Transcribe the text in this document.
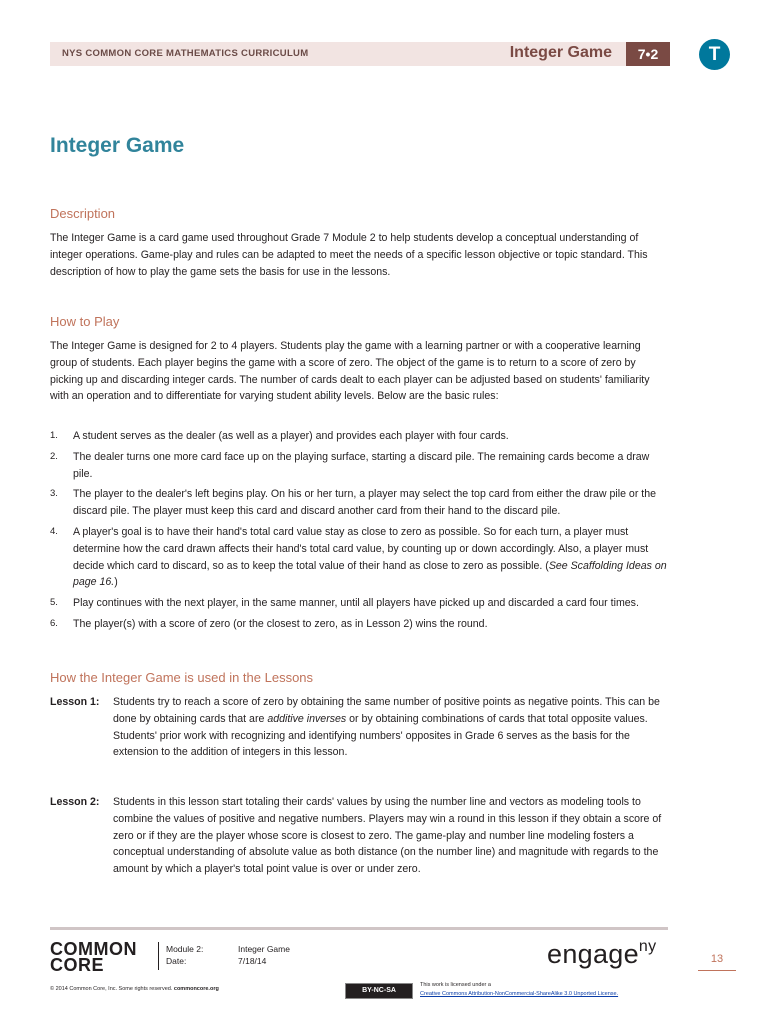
NYS COMMON CORE MATHEMATICS CURRICULUM	Integer Game	7•2	T
Integer Game
Description
The Integer Game is a card game used throughout Grade 7 Module 2 to help students develop a conceptual understanding of integer operations. Game-play and rules can be adapted to meet the needs of a specific lesson objective or topic standard. This description of how to play the game sets the basis for use in the lessons.
How to Play
The Integer Game is designed for 2 to 4 players. Students play the game with a learning partner or with a cooperative learning group of students. Each player begins the game with a score of zero. The object of the game is to return to a score of zero by picking up and discarding integer cards. The number of cards dealt to each player can be adjusted based on students' familiarity with an operation and to differentiate for varying student ability levels. Below are the basic rules:
1. A student serves as the dealer (as well as a player) and provides each player with four cards.
2. The dealer turns one more card face up on the playing surface, starting a discard pile. The remaining cards become a draw pile.
3. The player to the dealer's left begins play. On his or her turn, a player may select the top card from either the draw pile or the discard pile. The player must keep this card and discard another card from their hand to the discard pile.
4. A player's goal is to have their hand's total card value stay as close to zero as possible. So for each turn, a player must determine how the card drawn affects their hand's total card value, by counting up or down accordingly. Also, a player must decide which card to discard, so as to keep the total value of their hand as close to zero as possible. (See Scaffolding Ideas on page 16.)
5. Play continues with the next player, in the same manner, until all players have picked up and discarded a card four times.
6. The player(s) with a score of zero (or the closest to zero, as in Lesson 2) wins the round.
How the Integer Game is used in the Lessons
Lesson 1: Students try to reach a score of zero by obtaining the same number of positive points as negative points. This can be done by obtaining cards that are additive inverses or by obtaining combinations of cards that total opposite values. Students' prior work with recognizing and identifying numbers' opposites in Grade 6 serves as the basis for the extension to the addition of integers in this lesson.
Lesson 2: Students in this lesson start totaling their cards' values by using the number line and vectors as modeling tools to combine the values of positive and negative numbers. Players may win a round in this lesson if they obtain a score of zero or if they are the player whose score is closest to zero. The game-play and number line modeling fosters a conceptual understanding of absolute value as both distance (on the number line) and magnitude with regards to the amount by which a player's total point value is over or under zero.
COMMON
CORE
Module 2:	Integer Game
Date:	7/18/14	engage$^{ny}$
13
© 2014 Common Core, Inc. Some rights reserved. commoncore.org	BY-NC-SA
This work is licensed under a
Creative Commons Attribution-NonCommercial-ShareAlike 3.0 Unported License.
